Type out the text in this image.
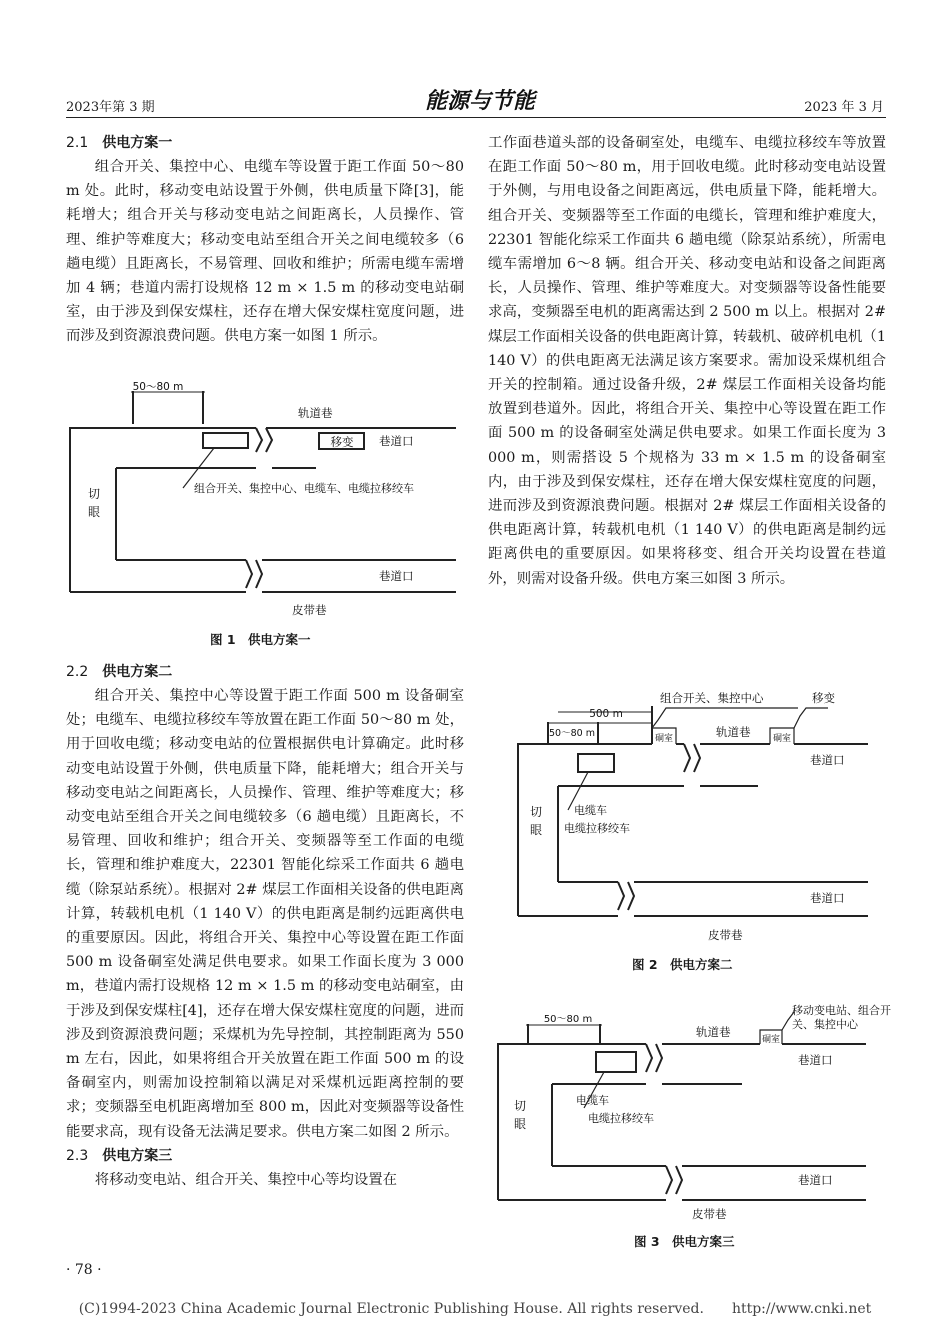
2023年第 3 期	能源与节能	2023 年 3 月
2.1 供电方案一

组合开关、集控中心、电缆车等设置于距工作面 50～80 m 处。此时，移动变电站设置于外侧，供电质量下降[3]，能耗增大；组合开关与移动变电站之间距离长，人员操作、管理、维护等难度大；移动变电站至组合开关之间电缆较多（6 趟电缆）且距离长，不易管理、回收和维护；所需电缆车需增加 4 辆；巷道内需打设规格 12 m × 1.5 m 的移动变电站硐室，由于涉及到保安煤柱，还存在增大保安煤柱宽度问题，进而涉及到资源浪费问题。供电方案一如图 1 所示。

50～80 m
轨道巷
移变 巷道口
切眼
组合开关、集控中心、电缆车、电缆拉移绞车
巷道口
皮带巷
图 1　供电方案一
2.2 供电方案二

组合开关、集控中心等设置于距工作面 500 m 设备硐室处；电缆车、电缆拉移绞车等放置在距工作面 50～80 m 处，用于回收电缆；移动变电站的位置根据供电计算确定。此时移动变电站设置于外侧，供电质量下降，能耗增大；组合开关与移动变电站之间距离长，人员操作、管理、维护等难度大；移动变电站至组合开关之间电缆较多（6 趟电缆）且距离长，不易管理、回收和维护；组合开关、变频器等至工作面的电缆长，管理和维护难度大，22301 智能化综采工作面共 6 趟电缆（除泵站系统）。根据对 2# 煤层工作面相关设备的供电距离计算，转载机电机（1 140 V）的供电距离是制约远距离供电的重要原因。因此，将组合开关、集控中心等设置在距工作面 500 m 设备硐室处满足供电要求。如果工作面长度为 3 000 m，巷道内需打设规格 12 m × 1.5 m 的移动变电站硐室，由于涉及到保安煤柱[4]，还存在增大保安煤柱宽度的问题，进而涉及到资源浪费问题；采煤机为先导控制，其控制距离为 550 m 左右，因此，如果将组合开关放置在距工作面 500 m 的设备硐室内，则需加设控制箱以满足对采煤机远距离控制的要求；变频器至电机距离增加至 800 m，因此对变频器等设备性能要求高，现有设备无法满足要求。供电方案二如图 2 所示。

2.3 供电方案三

将移动变电站、组合开关、集控中心等均设置在

工作面巷道头部的设备硐室处，电缆车、电缆拉移绞车等放置在距工作面 50～80 m，用于回收电缆。此时移动变电站设置于外侧，与用电设备之间距离远，供电质量下降，能耗增大。组合开关、变频器等至工作面的电缆长，管理和维护难度大，22301 智能化综采工作面共 6 趟电缆（除泵站系统），所需电缆车需增加 6～8 辆。组合开关、移动变电站和设备之间距离长，人员操作、管理、维护等难度大。对变频器等设备性能要求高，变频器至电机的距离需达到 2 500 m 以上。根据对 2# 煤层工作面相关设备的供电距离计算，转载机、破碎机电机（1 140 V）的供电距离无法满足该方案要求。需加设采煤机组合开关的控制箱。通过设备升级，2# 煤层工作面相关设备均能放置到巷道外。因此，将组合开关、集控中心等设置在距工作面 500 m 的设备硐室处满足供电要求。如果工作面长度为 3 000 m，则需搭设 5 个规格为 33 m × 1.5 m 的设备硐室内，由于涉及到保安煤柱，还存在增大保安煤柱宽度的问题，进而涉及到资源浪费问题。根据对 2# 煤层工作面相关设备的供电距离计算，转载机电机（1 140 V）的供电距离是制约远距离供电的重要原因。如果将移变、组合开关均设置在巷道外，则需对设备升级。供电方案三如图 3 所示。

组合开关、集控中心	移变
500 m
50～80 m	硐室	硐室
轨道巷
巷道口
切眼
电缆车
电缆拉移绞车
巷道口
皮带巷
图 2　供电方案二
50～80 m
移动变电站、组合开关、集控中心
硐室
轨道巷
巷道口
切眼
电缆车
电缆拉移绞车
巷道口
皮带巷
图 3　供电方案三
· 78 ·
(C)1994-2023 China Academic Journal Electronic Publishing House. All rights reserved.　　http://www.cnki.net
